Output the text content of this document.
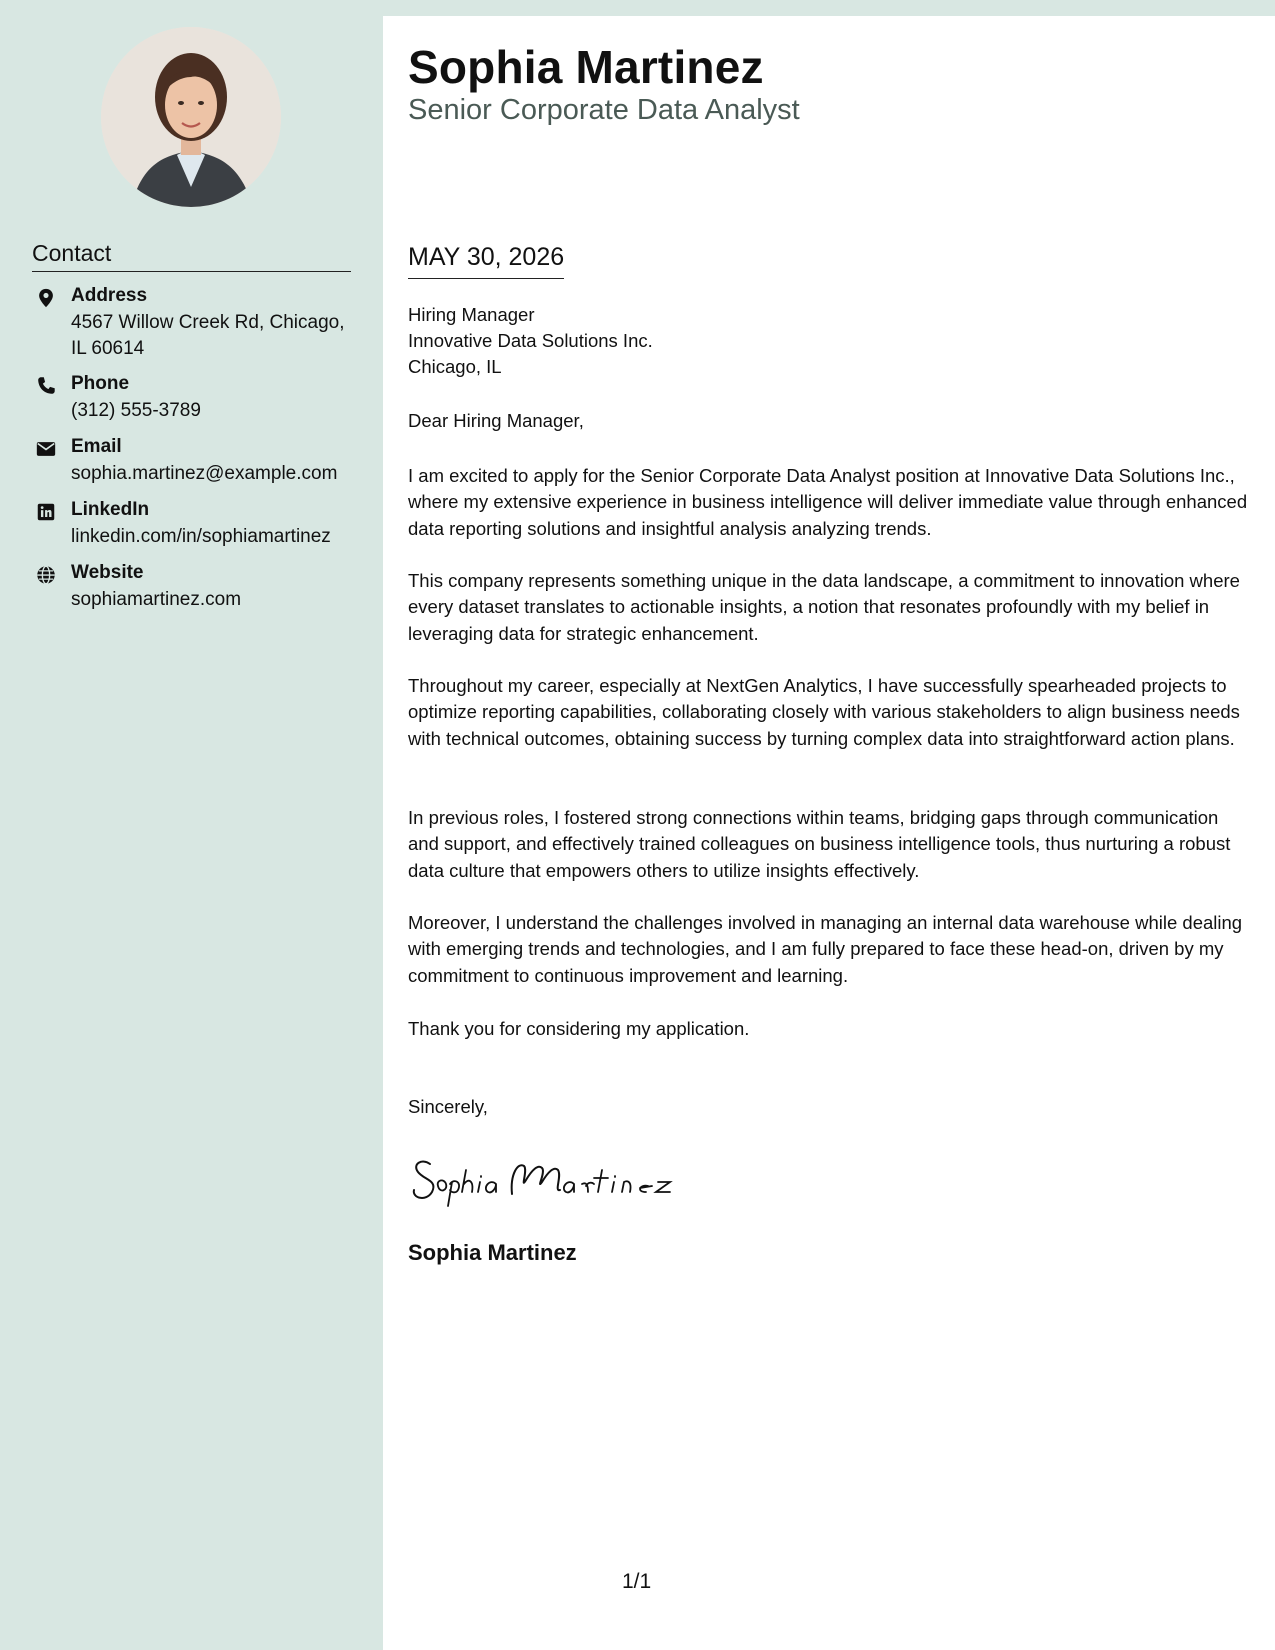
Contact
Address
4567 Willow Creek Rd, Chicago, IL 60614
Phone
(312) 555-3789
Email
sophia.martinez@example.com
LinkedIn
linkedin.com/in/sophiamartinez
Website
sophiamartinez.com
Sophia Martinez
Senior Corporate Data Analyst
MAY 30, 2026
Hiring Manager
Innovative Data Solutions Inc.
Chicago, IL
Dear Hiring Manager,
I am excited to apply for the Senior Corporate Data Analyst position at Innovative Data Solutions Inc., where my extensive experience in business intelligence will deliver immediate value through enhanced data reporting solutions and insightful analysis analyzing trends.
This company represents something unique in the data landscape, a commitment to innovation where every dataset translates to actionable insights, a notion that resonates profoundly with my belief in leveraging data for strategic enhancement.
Throughout my career, especially at NextGen Analytics, I have successfully spearheaded projects to optimize reporting capabilities, collaborating closely with various stakeholders to align business needs with technical outcomes, obtaining success by turning complex data into straightforward action plans.
In previous roles, I fostered strong connections within teams, bridging gaps through communication and support, and effectively trained colleagues on business intelligence tools, thus nurturing a robust data culture that empowers others to utilize insights effectively.
Moreover, I understand the challenges involved in managing an internal data warehouse while dealing with emerging trends and technologies, and I am fully prepared to face these head-on, driven by my commitment to continuous improvement and learning.
Thank you for considering my application.
Sincerely,
Sophia Martinez
1/1
